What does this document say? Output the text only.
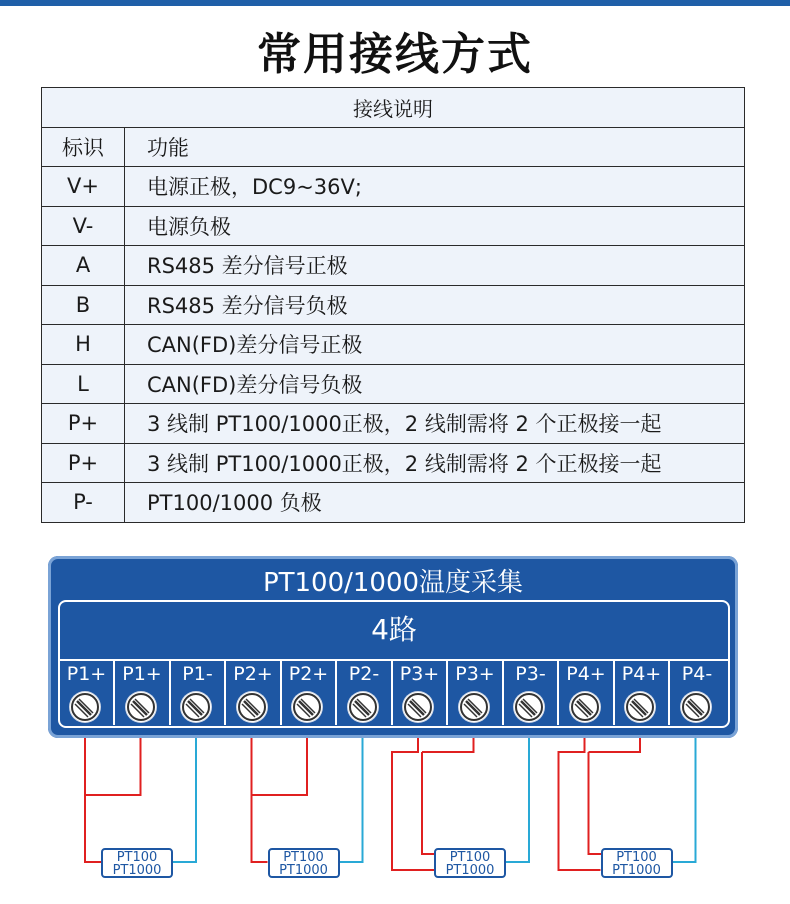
常用接线方式
接线说明	
标识	功能
V+	电源正极，DC9~36V;
V-	电源负极
A	RS485 差分信号正极
B	RS485 差分信号负极
H	CAN(FD)差分信号正极
L	CAN(FD)差分信号负极
P+	3 线制 PT100/1000正极，2 线制需将 2 个正极接一起
P+	3 线制 PT100/1000正极，2 线制需将 2 个正极接一起
P-	PT100/1000 负极
PT100/1000温度采集
4路
P1+ P1+	P1-	P2+ P2+	P2-	P3+ P3+	P3-	P4+ P4+	P4-
PT100
PT1000
PT100
PT1000
PT100
PT1000
PT100
PT1000
